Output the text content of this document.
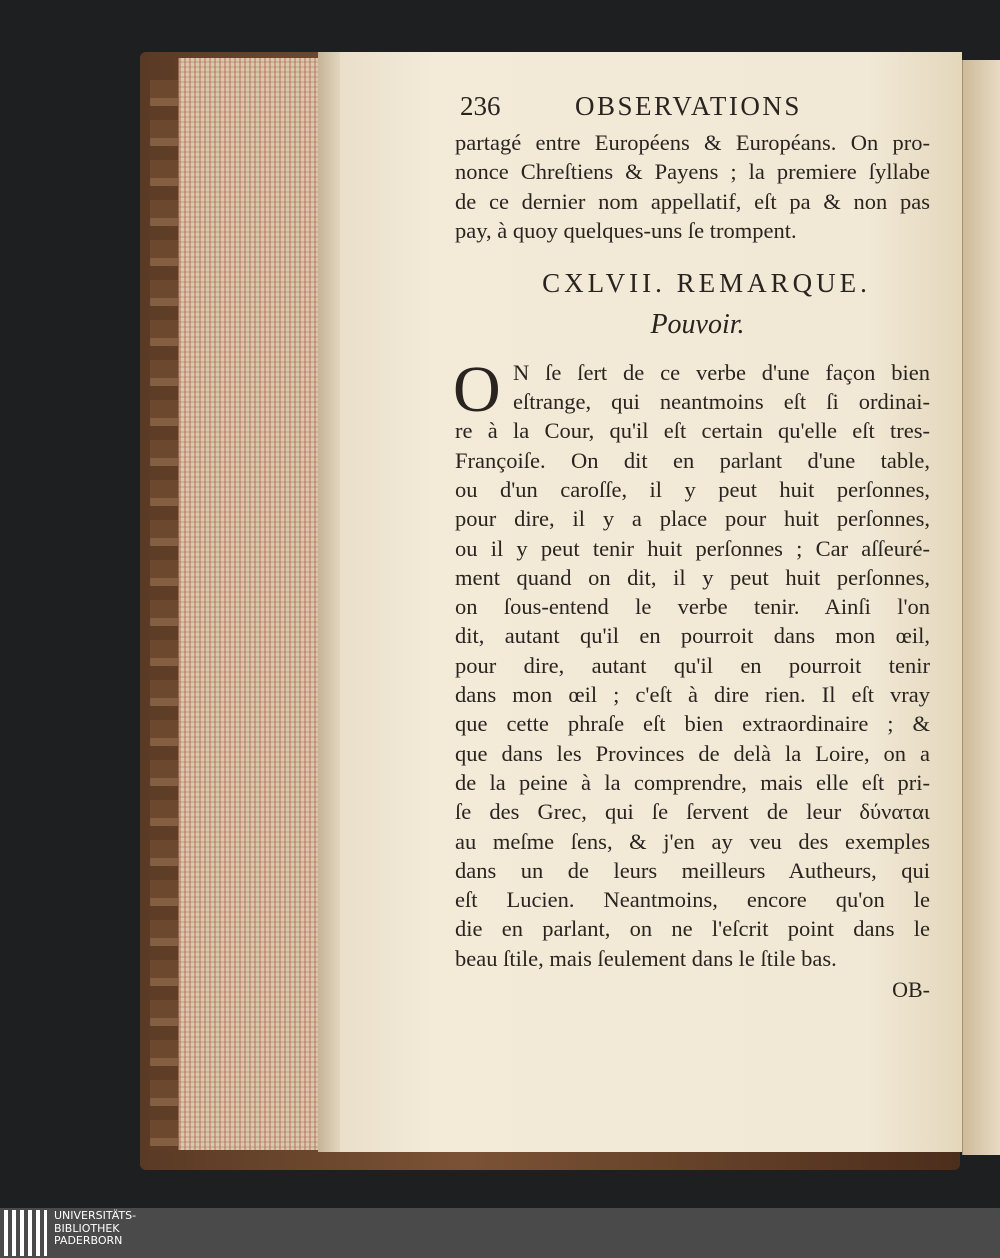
236	OBSERVATIONS
partagé entre Européens & Européans. On pro-
nonce Chreſtiens & Payens ; la premiere ſyllabe
de ce dernier nom appellatif, eſt pa & non pas
pay, à quoy quelques-uns ſe trompent.
CXLVII. REMARQUE.
Pouvoir.
O N ſe ſert de ce verbe d'une façon bien
eſtrange, qui neantmoins eſt ſi ordinai-
re à la Cour, qu'il eſt certain qu'elle eſt tres-
Françoiſe. On dit en parlant d'une table,
ou d'un caroſſe, il y peut huit perſonnes,
pour dire, il y a place pour huit perſonnes,
ou il y peut tenir huit perſonnes ; Car aſſeuré-
ment quand on dit, il y peut huit perſonnes,
on ſous-entend le verbe tenir. Ainſi l'on
dit, autant qu'il en pourroit dans mon œil,
pour dire, autant qu'il en pourroit tenir
dans mon œil ; c'eſt à dire rien. Il eſt vray
que cette phraſe eſt bien extraordinaire ; &
que dans les Provinces de delà la Loire, on a
de la peine à la comprendre, mais elle eſt pri-
ſe des Grec, qui ſe ſervent de leur δύναται
au meſme ſens, & j'en ay veu des exemples
dans un de leurs meilleurs Autheurs, qui
eſt Lucien. Neantmoins, encore qu'on le
die en parlant, on ne l'eſcrit point dans le
beau ſtile, mais ſeulement dans le ſtile bas.
OB-
UNIVERSITÄTS-
BIBLIOTHEK
PADERBORN
